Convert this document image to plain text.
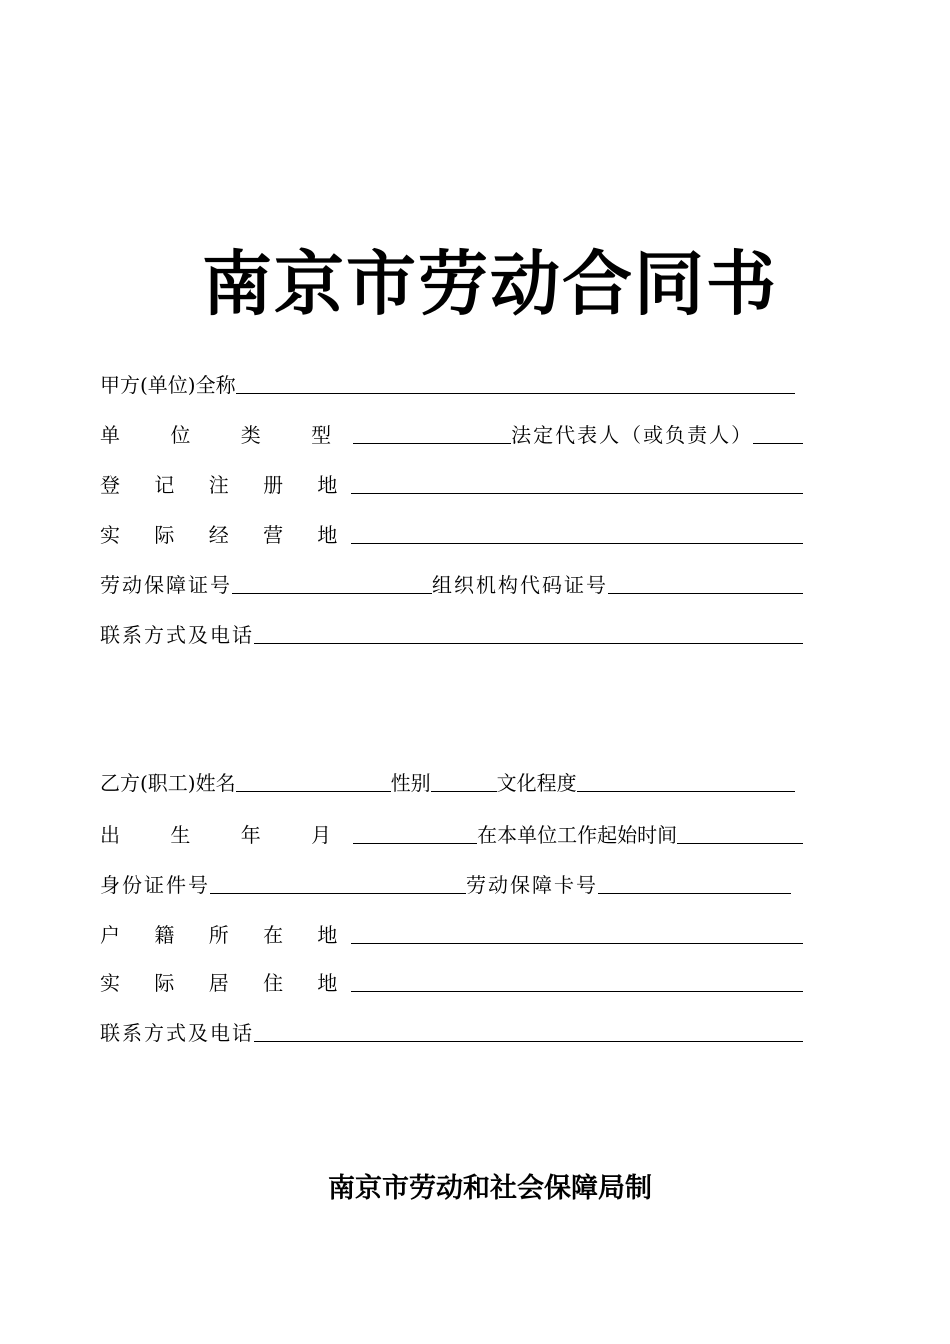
南京市劳动合同书
甲方(单位)全称
单 位 类 型	法定代表人（或负责人）
登 记 注 册 地
实 际 经 营 地
劳动保障证号	组织机构代码证号
联系方式及电话
乙方(职工)姓名	性别	文化程度
出 生 年 月	在本单位工作起始时间
身份证件号	劳动保障卡号
户 籍 所 在 地
实 际 居 住 地
联系方式及电话
南京市劳动和社会保障局制
